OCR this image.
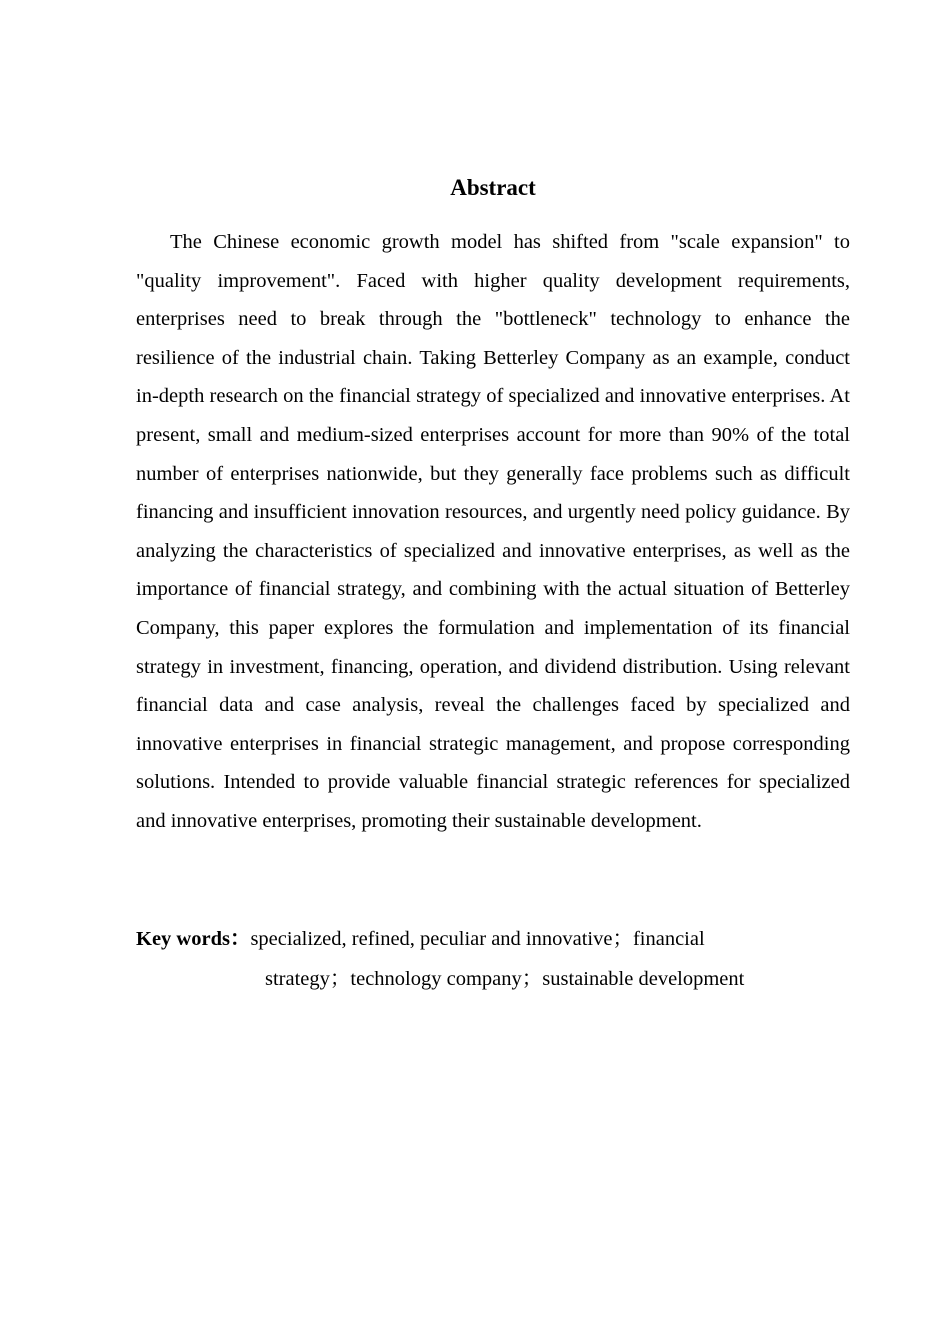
Abstract

The Chinese economic growth model has shifted from "scale expansion" to "quality improvement". Faced with higher quality development requirements, enterprises need to break through the "bottleneck" technology to enhance the resilience of the industrial chain. Taking Betterley Company as an example, conduct in-depth research on the financial strategy of specialized and innovative enterprises. At present, small and medium-sized enterprises account for more than 90% of the total number of enterprises nationwide, but they generally face problems such as difficult financing and insufficient innovation resources, and urgently need policy guidance. By analyzing the characteristics of specialized and innovative enterprises, as well as the importance of financial strategy, and combining with the actual situation of Betterley Company, this paper explores the formulation and implementation of its financial strategy in investment, financing, operation, and dividend distribution. Using relevant financial data and case analysis, reveal the challenges faced by specialized and innovative enterprises in financial strategic management, and propose corresponding solutions. Intended to provide valuable financial strategic references for specialized and innovative enterprises, promoting their sustainable development.

Key words：specialized, refined, peculiar and innovative；financial
strategy；technology company；sustainable development
